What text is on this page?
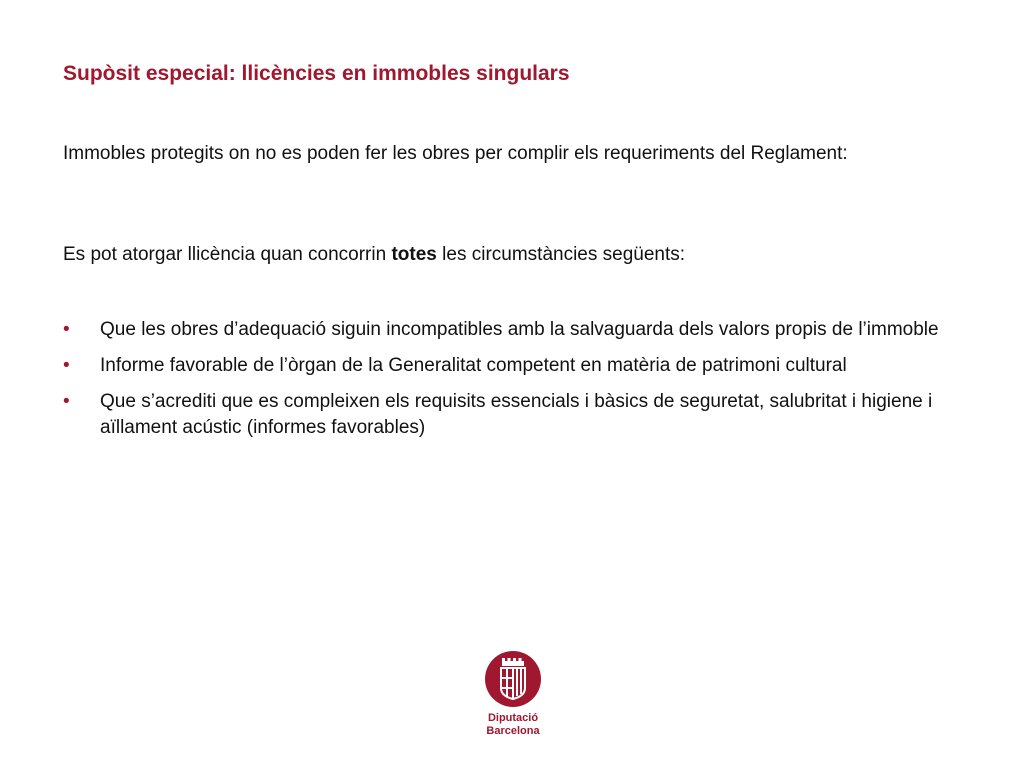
Supòsit especial: llicències en immobles singulars
Immobles protegits on no es poden fer les obres per complir els requeriments del Reglament:
Es pot atorgar llicència quan concorrin totes les circumstàncies següents:
• Que les obres d’adequació siguin incompatibles amb la salvaguarda dels valors propis de l’immoble
• Informe favorable de l’òrgan de la Generalitat competent en matèria de patrimoni cultural
• Que s’acrediti que es compleixen els requisits essencials i bàsics de seguretat, salubritat i higiene i aïllament acústic (informes favorables)
Diputació
Barcelona
